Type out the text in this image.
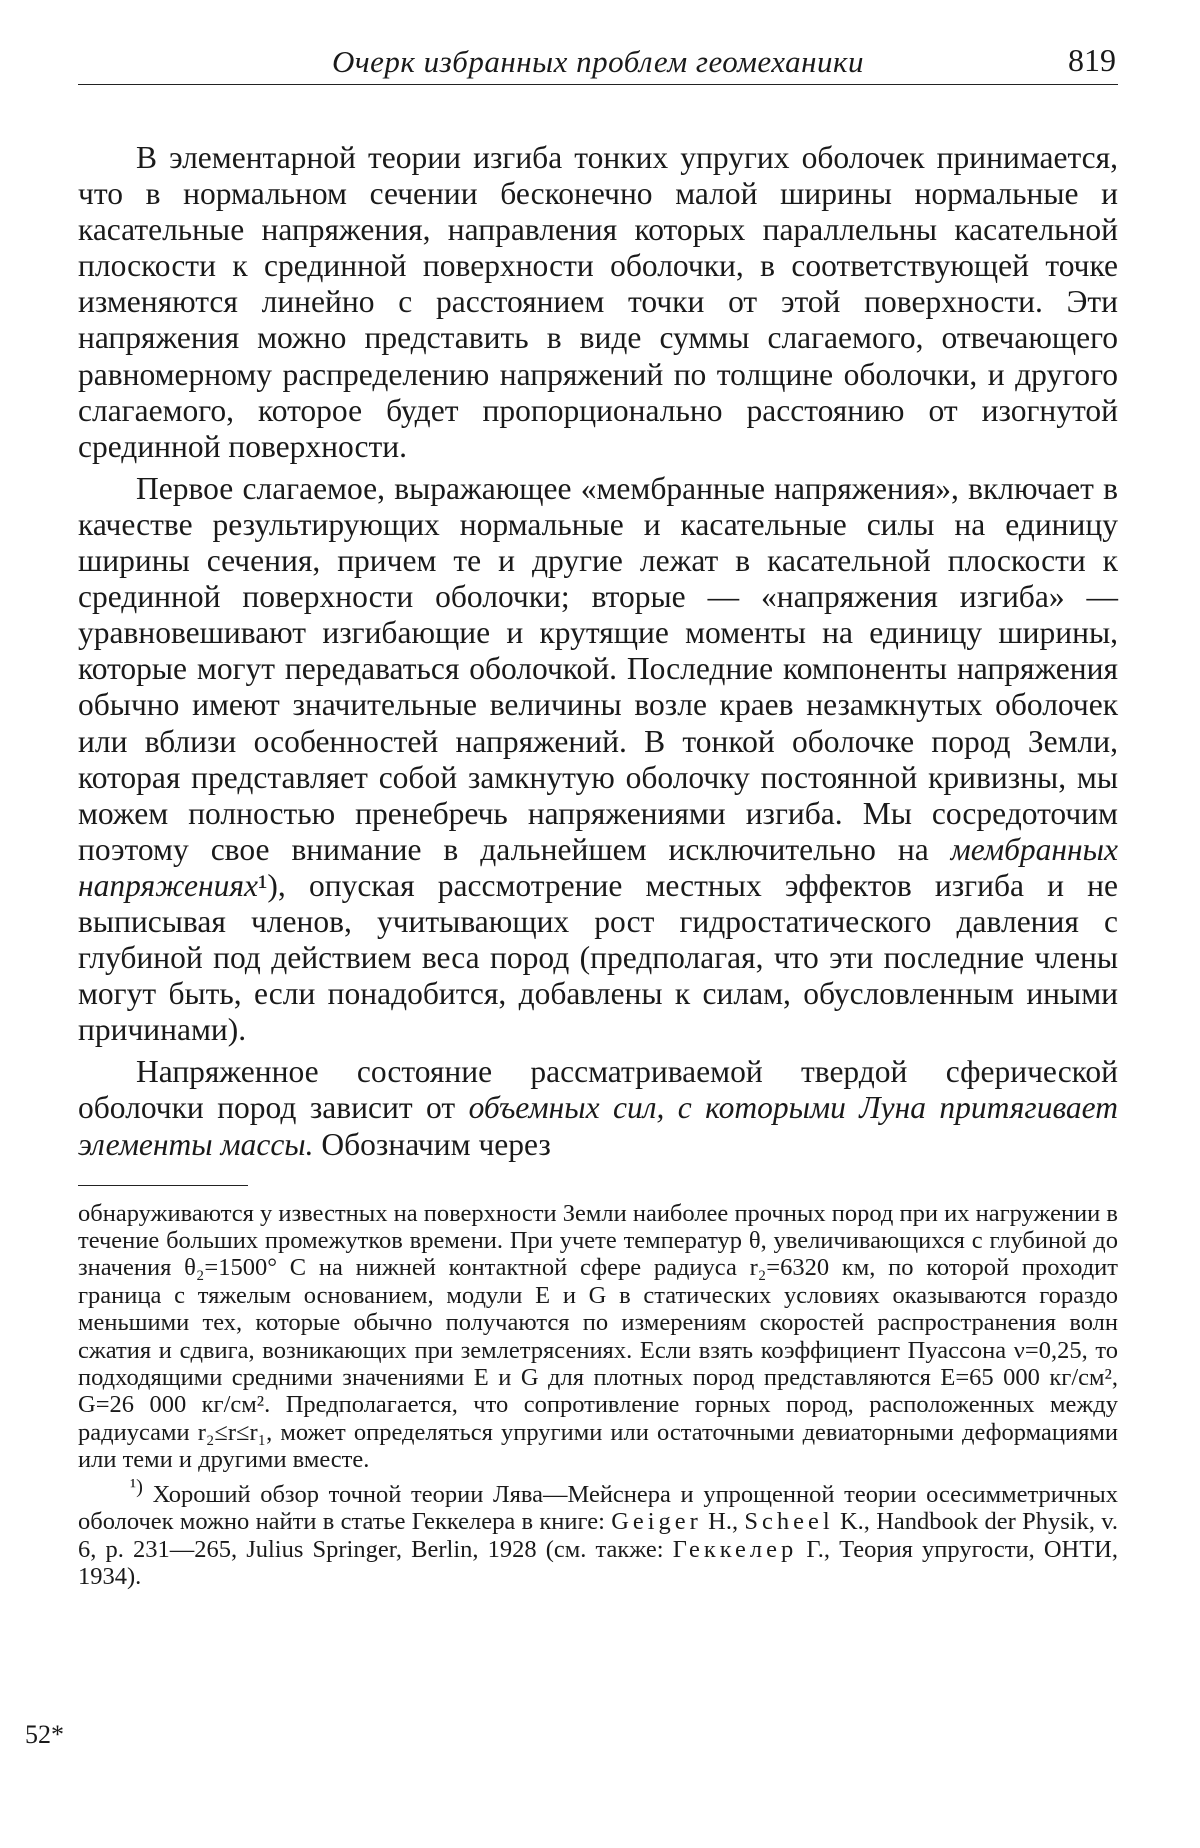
Очерк избранных проблем геомеханики	819

В элементарной теории изгиба тонких упругих оболочек принимается, что в нормальном сечении бесконечно малой ширины нормальные и касательные напряжения, направления которых параллельны касательной плоскости к срединной поверхности оболочки, в соответствующей точке изменяются линейно с расстоянием точки от этой поверхности. Эти напряжения можно представить в виде суммы слагаемого, отвечающего равномерному распределению напряжений по толщине оболочки, и другого слагаемого, которое будет пропорционально расстоянию от изогнутой срединной поверхности.

Первое слагаемое, выражающее «мембранные напряжения», включает в качестве результирующих нормальные и касательные силы на единицу ширины сечения, причем те и другие лежат в касательной плоскости к срединной поверхности оболочки; вторые — «напряжения изгиба» — уравновешивают изгибающие и крутящие моменты на единицу ширины, которые могут передаваться оболочкой. Последние компоненты напряжения обычно имеют значительные величины возле краев незамкнутых оболочек или вблизи особенностей напряжений. В тонкой оболочке пород Земли, которая представляет собой замкнутую оболочку постоянной кривизны, мы можем полностью пренебречь напряжениями изгиба. Мы сосредоточим поэтому свое внимание в дальнейшем исключительно на мембранных напряжениях¹), опуская рассмотрение местных эффектов изгиба и не выписывая членов, учитывающих рост гидростатического давления с глубиной под действием веса пород (предполагая, что эти последние члены могут быть, если понадобится, добавлены к силам, обусловленным иными причинами).

Напряженное состояние рассматриваемой твердой сферической оболочки пород зависит от объемных сил, с которыми Луна притягивает элементы массы. Обозначим через

обнаруживаются у известных на поверхности Земли наиболее прочных пород при их нагружении в течение больших промежутков времени. При учете температур θ, увеличивающихся с глубиной до значения θ₂=1500° С на нижней контактной сфере радиуса r₂=6320 км, по которой проходит граница с тяжелым основанием, модули E и G в статических условиях оказываются гораздо меньшими тех, которые обычно получаются по измерениям скоростей распространения волн сжатия и сдвига, возникающих при землетрясениях. Если взять коэффициент Пуассона ν=0,25, то подходящими средними значениями E и G для плотных пород представляются E=65 000 кг/см², G=26 000 кг/см². Предполагается, что сопротивление горных пород, расположенных между радиусами r₂≤r≤r₁, может определяться упругими или остаточными девиаторными деформациями или теми и другими вместе.

$^{^1)}$ Хороший обзор точной теории Лява—Мейснера и упрощенной теории осесимметричных оболочек можно найти в статье Геккелера в книге: Geiger H., Scheel K., Handbook der Physik, v. 6, p. 231—265, Julius Springer, Berlin, 1928 (см. также: Геккелер Г., Теория упругости, ОНТИ, 1934).

52*
